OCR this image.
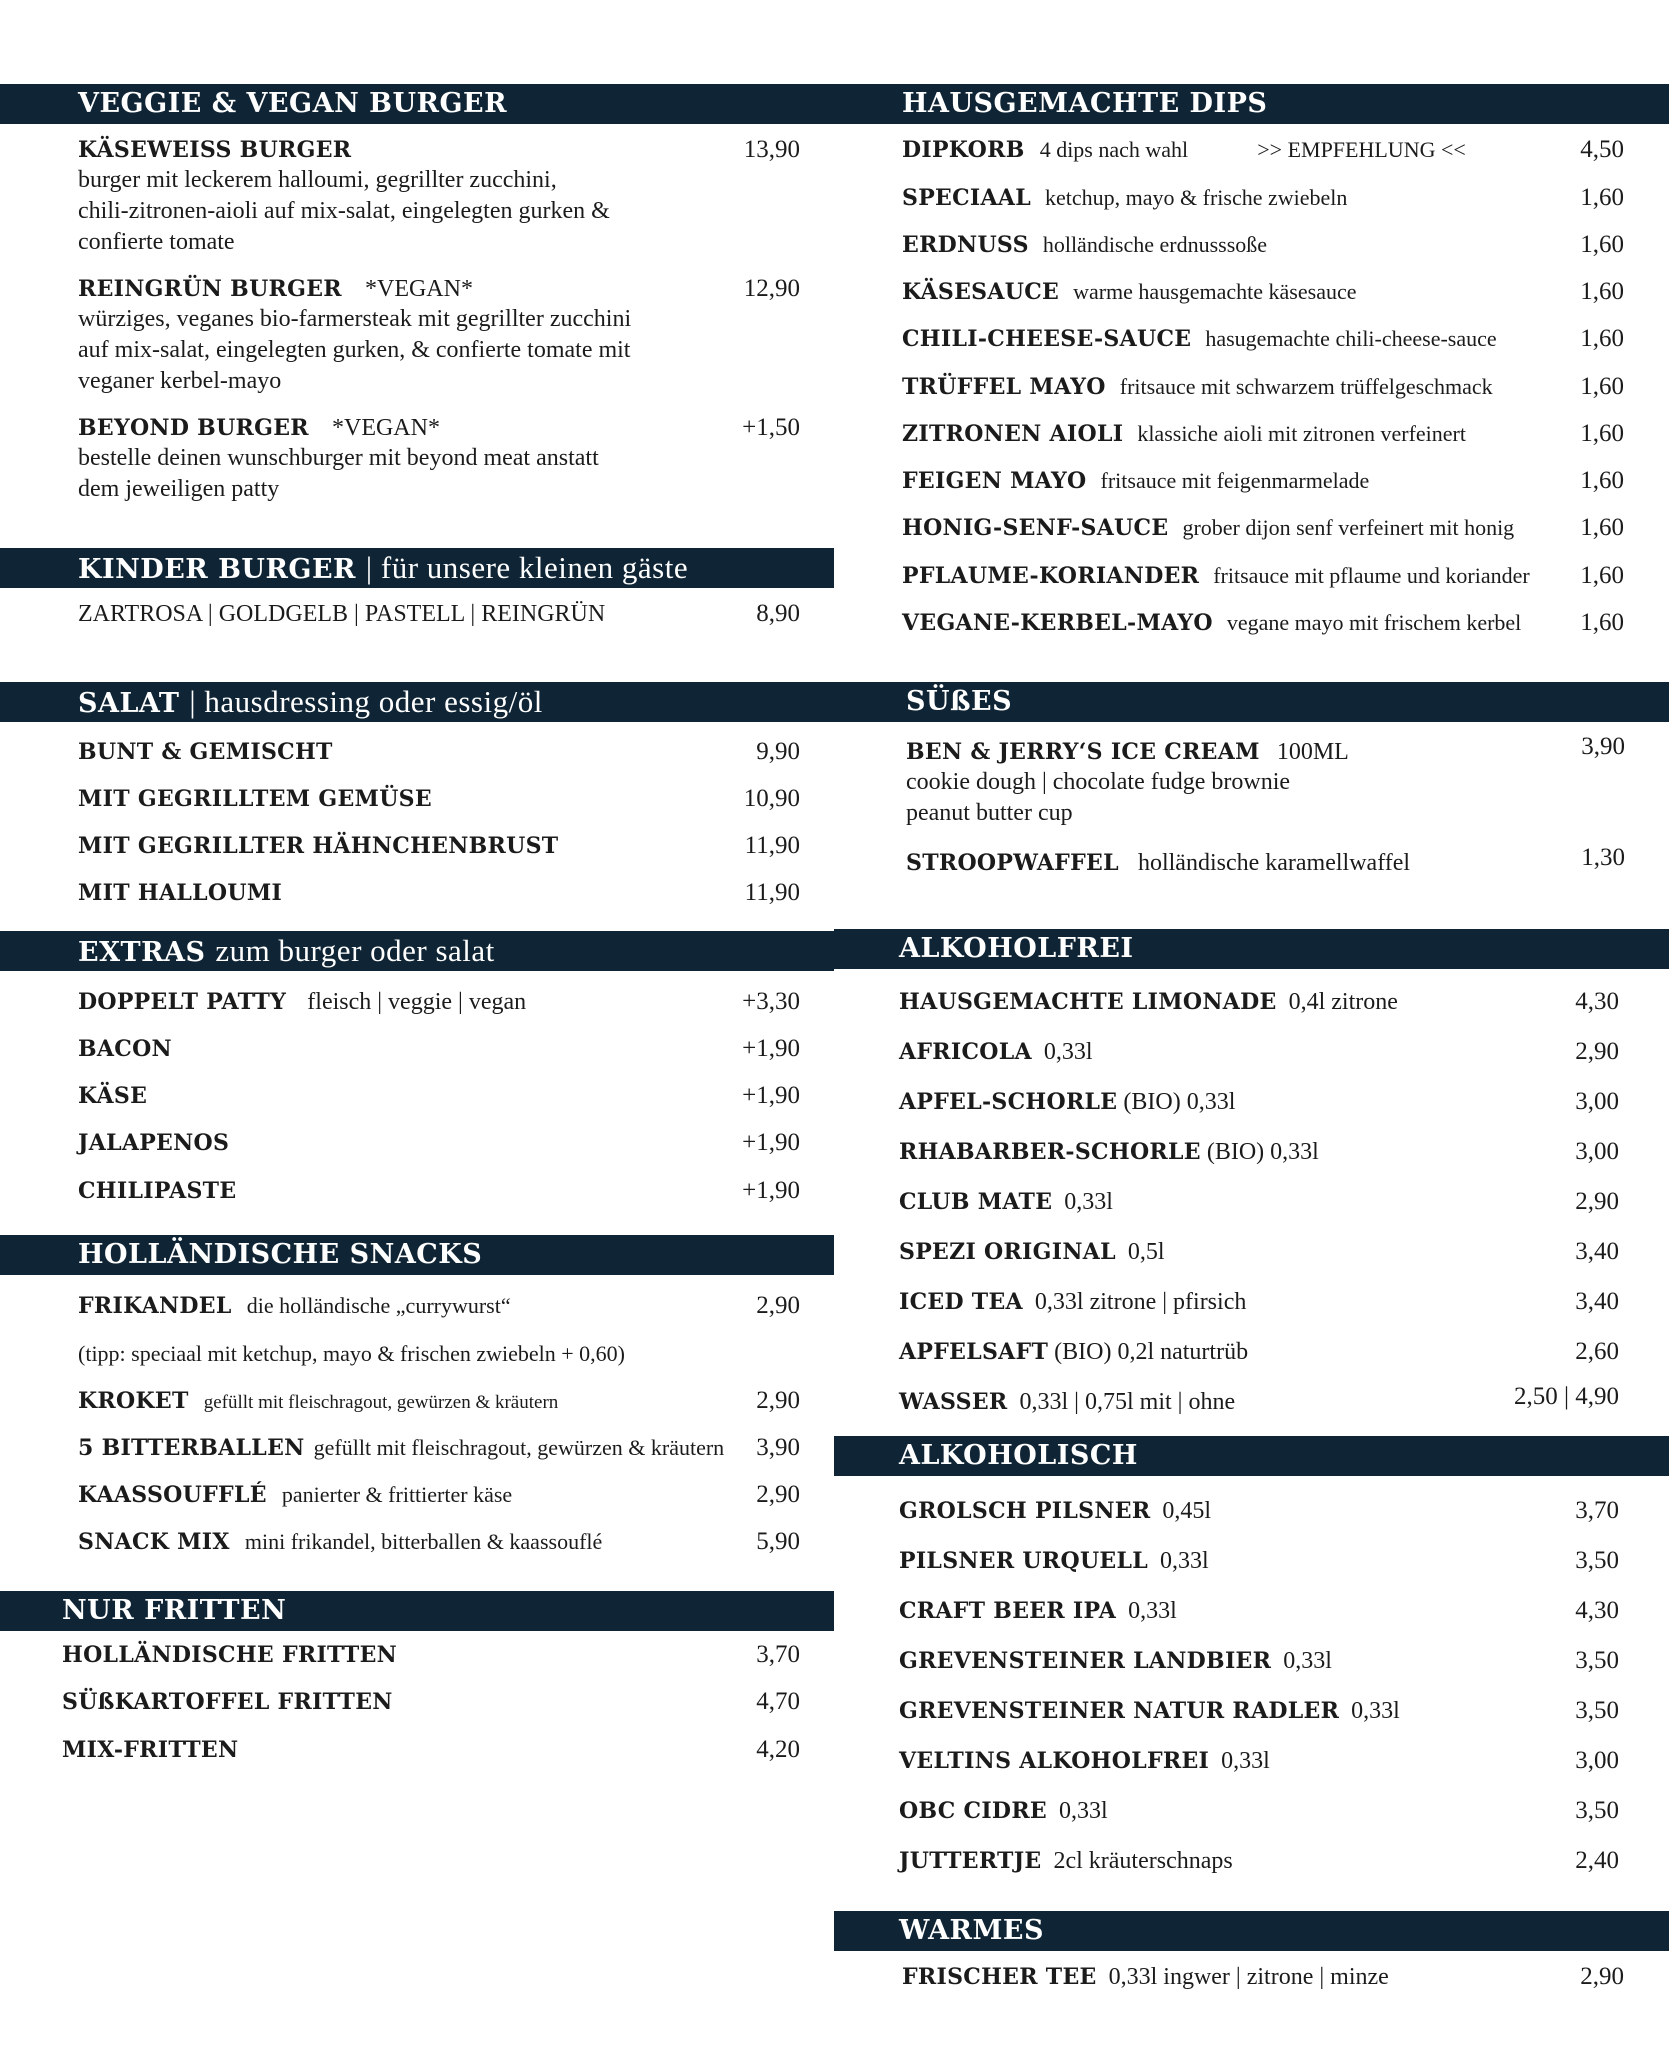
VEGGIE & VEGAN BURGER
KÄSEWEISS BURGER	13,90
burger mit leckerem halloumi, gegrillter zucchini,
chili-zitronen-aioli auf mix-salat, eingelegten gurken &
confierte tomate
REINGRÜN BURGER *VEGAN*	12,90
würziges, veganes bio-farmersteak mit gegrillter zucchini
auf mix-salat, eingelegten gurken, & confierte tomate mit
veganer kerbel-mayo
BEYOND BURGER *VEGAN*	+1,50
bestelle deinen wunschburger mit beyond meat anstatt
dem jeweiligen patty
KINDER BURGER | für unsere kleinen gäste
ZARTROSA | GOLDGELB | PASTELL | REINGRÜN	8,90
SALAT | hausdressing oder essig/öl
BUNT & GEMISCHT	9,90
MIT GEGRILLTEM GEMÜSE	10,90
MIT GEGRILLTER HÄHNCHENBRUST	11,90
MIT HALLOUMI	11,90
EXTRAS zum burger oder salat
DOPPELT PATTY fleisch | veggie | vegan	+3,30
BACON	+1,90
KÄSE	+1,90
JALAPENOS	+1,90
CHILIPASTE	+1,90
HOLLÄNDISCHE SNACKS
FRIKANDEL die holländische „currywurst“	2,90
(tipp: speciaal mit ketchup, mayo & frischen zwiebeln + 0,60)
KROKET gefüllt mit fleischragout, gewürzen & kräutern	2,90
5 BITTERBALLEN gefüllt mit fleischragout, gewürzen & kräutern 3,90
KAASSOUFFLÉ panierter & frittierter käse	2,90
SNACK MIX mini frikandel, bitterballen & kaassouflé	5,90
NUR FRITTEN
HOLLÄNDISCHE FRITTEN	3,70
SÜßKARTOFFEL FRITTEN	4,70
MIX-FRITTEN	4,20
HAUSGEMACHTE DIPS
DIPKORB 4 dips nach wahl	>> EMPFEHLUNG <<	4,50
SPECIAAL ketchup, mayo & frische zwiebeln	1,60
ERDNUSS holländische erdnusssoße	1,60
KÄSESAUCE warme hausgemachte käsesauce	1,60
CHILI-CHEESE-SAUCE hasugemachte chili-cheese-sauce	1,60
TRÜFFEL MAYO fritsauce mit schwarzem trüffelgeschmack	1,60
ZITRONEN AIOLI klassiche aioli mit zitronen verfeinert	1,60
FEIGEN MAYO fritsauce mit feigenmarmelade	1,60
HONIG-SENF-SAUCE grober dijon senf verfeinert mit honig	1,60
PFLAUME-KORIANDER fritsauce mit pflaume und koriander 1,60
VEGANE-KERBEL-MAYO vegane mayo mit frischem kerbel 1,60
SÜßES
BEN & JERRY‘S ICE CREAM 100ML	3,90
cookie dough | chocolate fudge brownie
peanut butter cup
STROOPWAFFEL holländische karamellwaffel	1,30
ALKOHOLFREI
HAUSGEMACHTE LIMONADE 0,4l zitrone	4,30
AFRICOLA 0,33l	2,90
APFEL-SCHORLE (BIO) 0,33l	3,00
RHABARBER-SCHORLE (BIO) 0,33l	3,00
CLUB MATE 0,33l	2,90
SPEZI ORIGINAL 0,5l	3,40
ICED TEA 0,33l zitrone | pfirsich	3,40
APFELSAFT (BIO) 0,2l naturtrüb	2,60
WASSER 0,33l | 0,75l mit | ohne	2,50 | 4,90
ALKOHOLISCH
GROLSCH PILSNER 0,45l	3,70
PILSNER URQUELL 0,33l	3,50
CRAFT BEER IPA 0,33l	4,30
GREVENSTEINER LANDBIER 0,33l	3,50
GREVENSTEINER NATUR RADLER 0,33l	3,50
VELTINS ALKOHOLFREI 0,33l	3,00
OBC CIDRE 0,33l	3,50
JUTTERTJE 2cl kräuterschnaps	2,40
WARMES
FRISCHER TEE 0,33l ingwer | zitrone | minze	2,90
